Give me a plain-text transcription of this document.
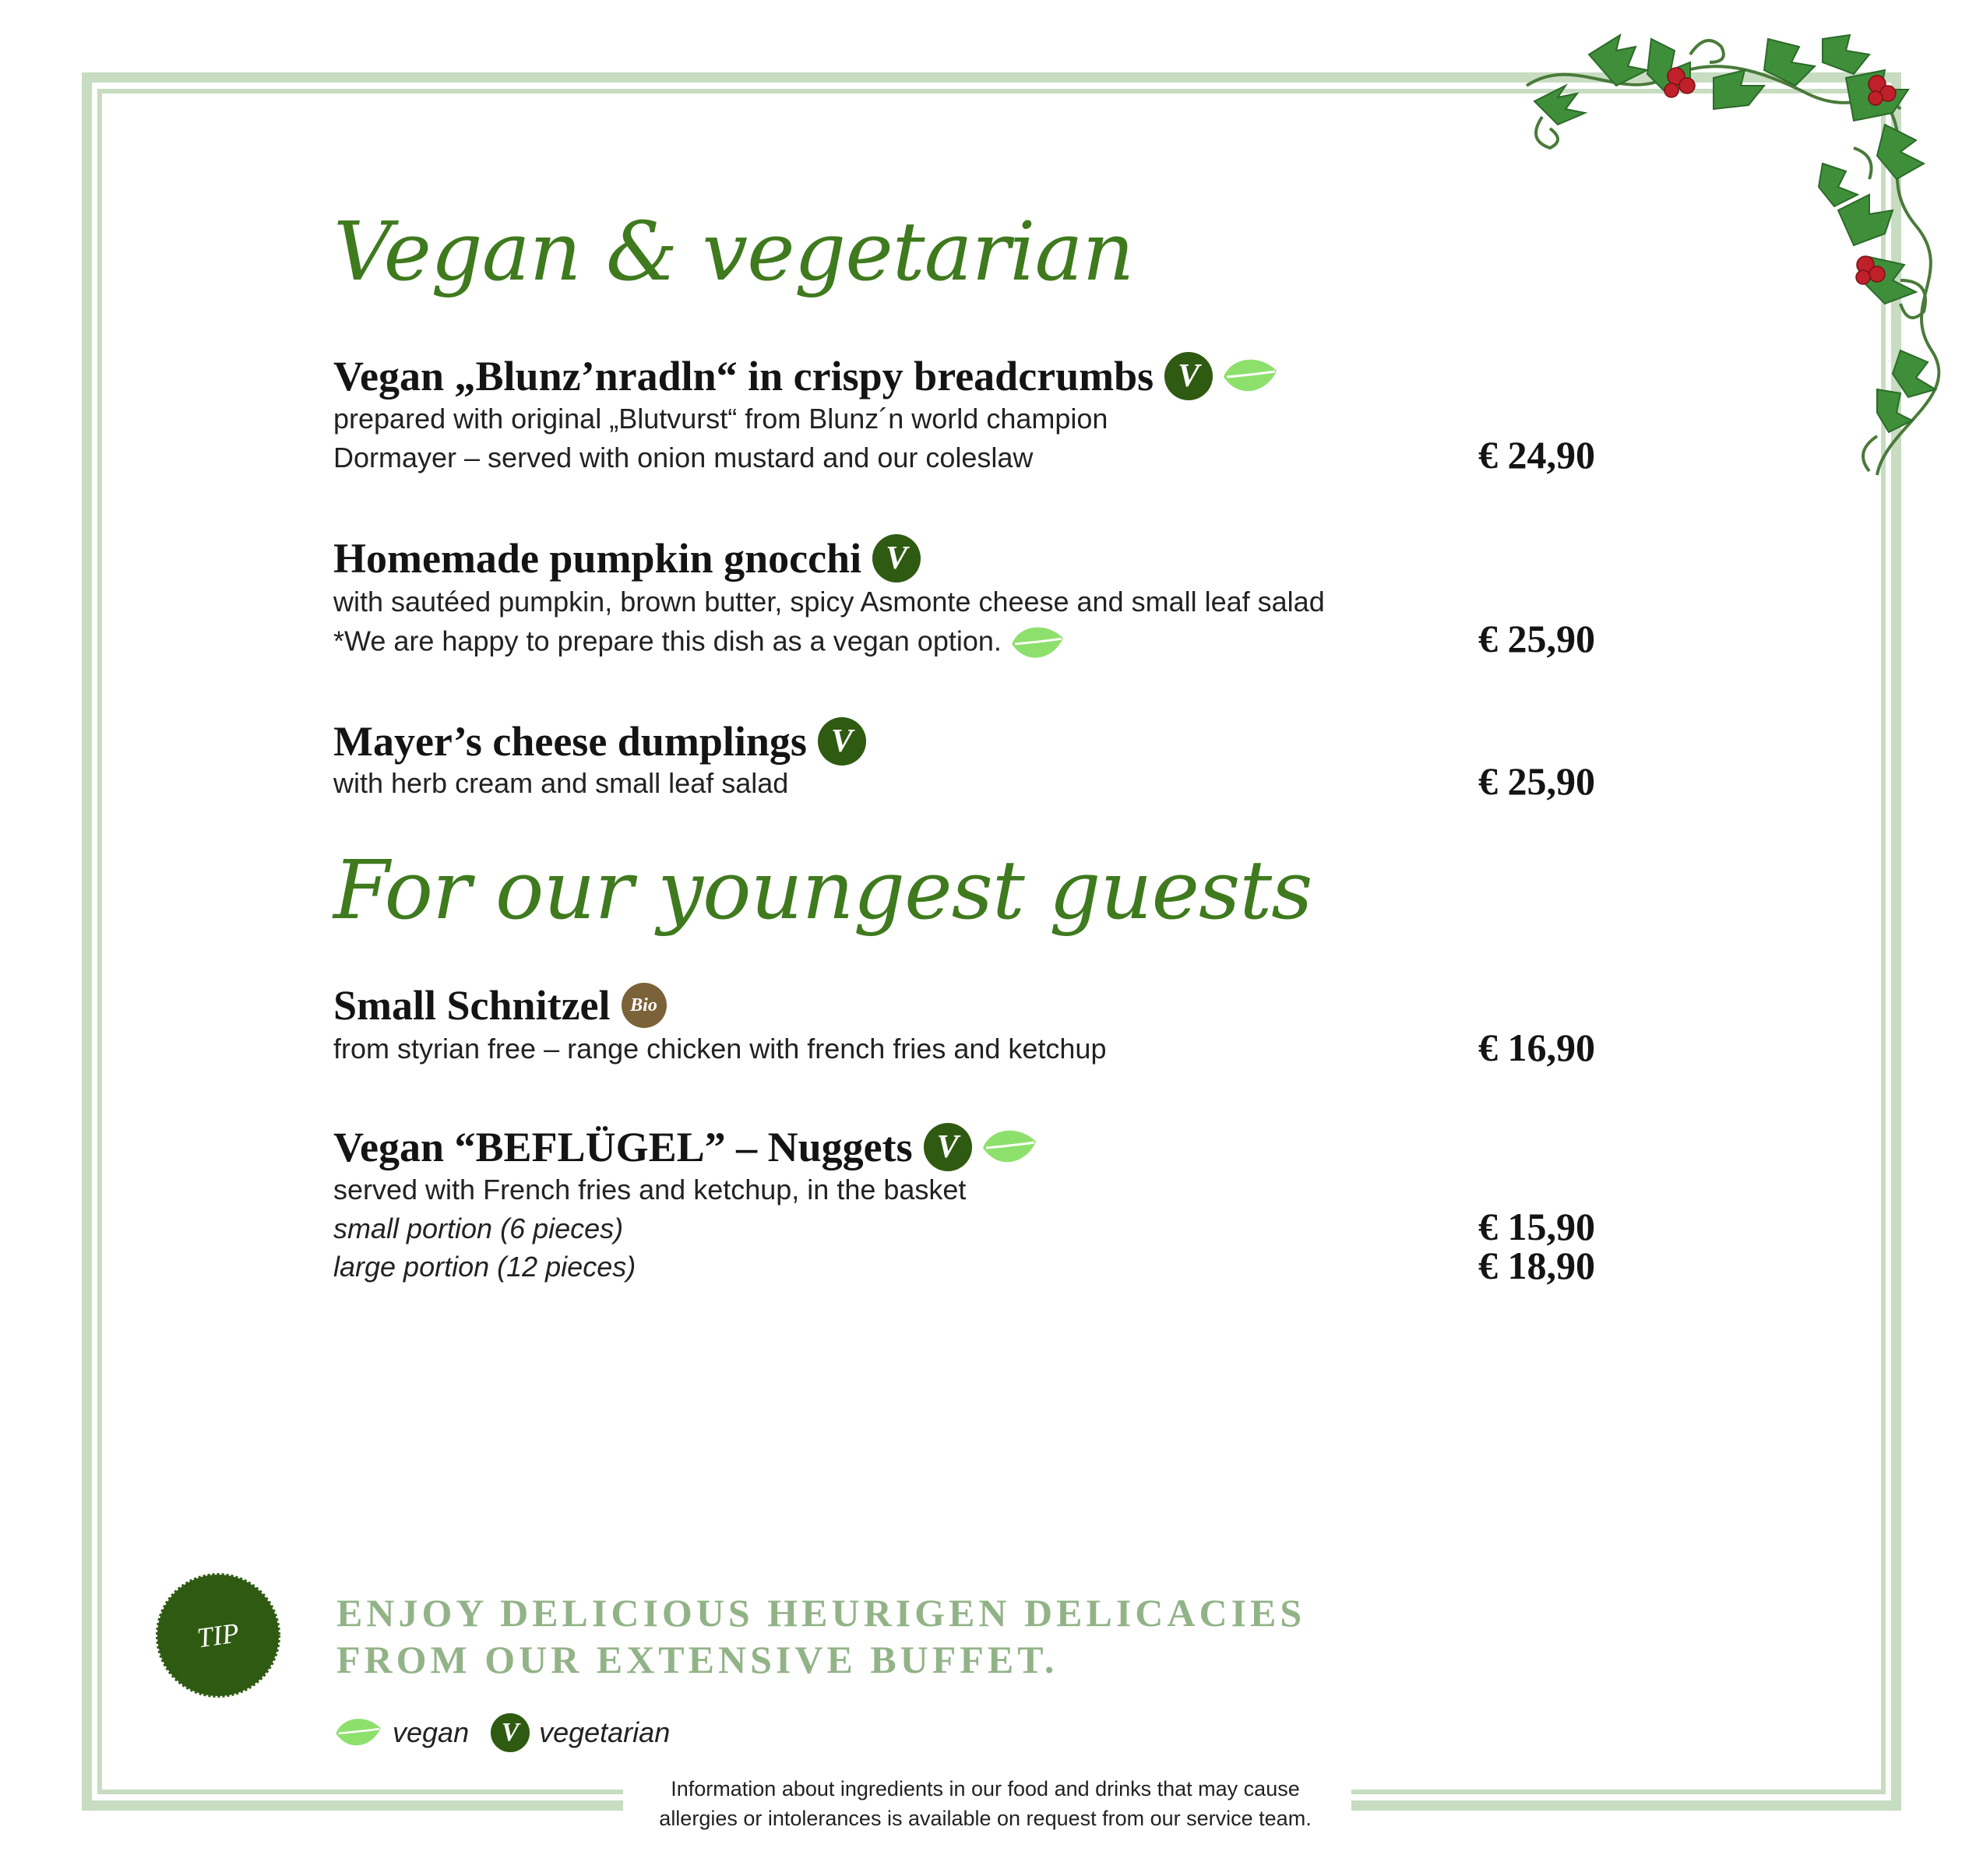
Vegan & vegetarian
Vegan „Blunz’nradln“ in crispy breadcrumbs V

prepared with original „Blutvurst“ from Blunz´n world champion

Dormayer – served with onion mustard and our coleslaw	€ 24,90

Homemade pumpkin gnocchi V

with sautéed pumpkin, brown butter, spicy Asmonte cheese and small leaf salad

*We are happy to prepare this dish as a vegan option.	€ 25,90

Mayer’s cheese dumplings V

with herb cream and small leaf salad	€ 25,90

For our youngest guests
Small Schnitzel	Bio

from styrian free – range chicken with french fries and ketchup	€ 16,90

Vegan “BEFLÜGEL” – Nuggets V

served with French fries and ketchup, in the basket

small portion (6 pieces)	€ 15,90

large portion (12 pieces)	€ 18,90

TIP

ENJOY DELICIOUS HEURIGEN DELICACIES

FROM OUR EXTENSIVE BUFFET.

vegan	V vegetarian

Information about ingredients in our food and drinks that may cause

allergies or intolerances is available on request from our service team.
